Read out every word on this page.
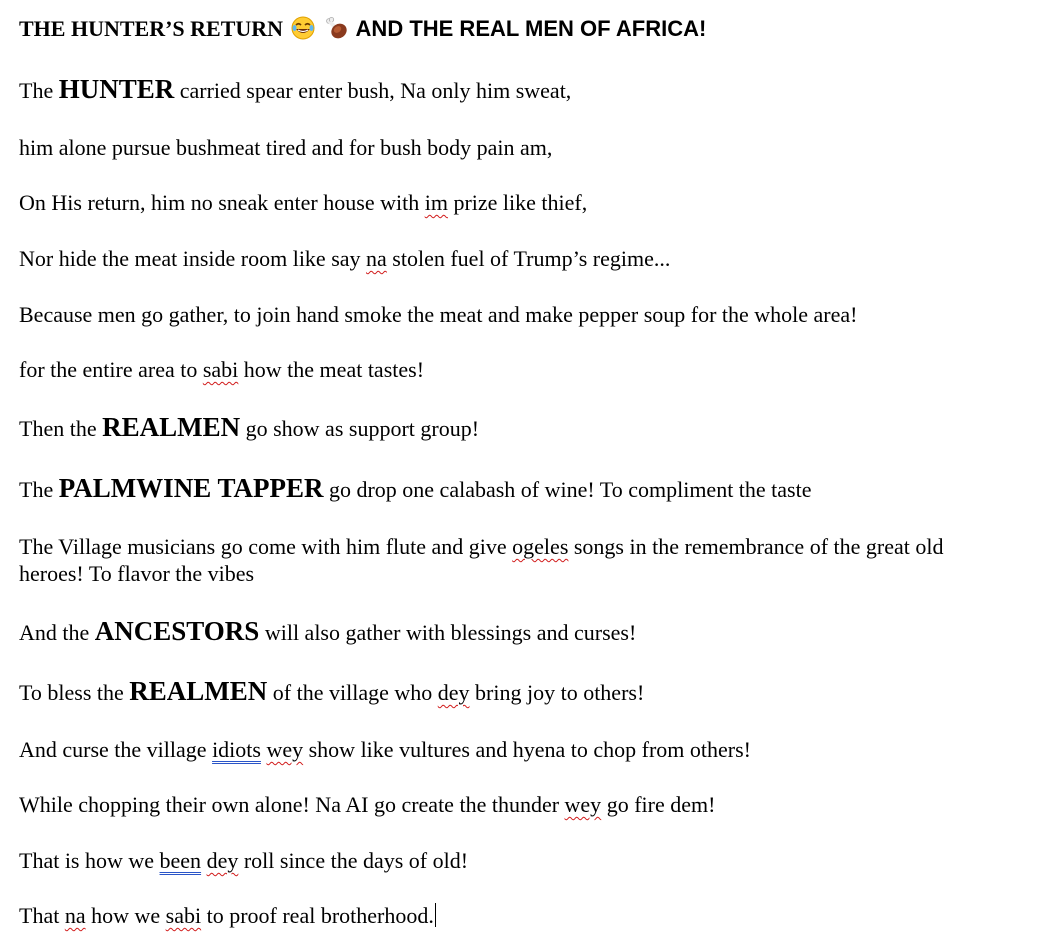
THE HUNTER’S RETURN	AND THE REAL MEN OF AFRICA!
The HUNTER carried spear enter bush, Na only him sweat,
him alone pursue bushmeat tired and for bush body pain am,
On His return, him no sneak enter house with im prize like thief,
Nor hide the meat inside room like say na stolen fuel of Trump’s regime...
Because men go gather, to join hand smoke the meat and make pepper soup for the whole area!
for the entire area to sabi how the meat tastes!
Then the REALMEN go show as support group!
The PALMWINE TAPPER go drop one calabash of wine! To compliment the taste
The Village musicians go come with him flute and give ogeles songs in the remembrance of the great old heroes! To flavor the vibes
And the ANCESTORS will also gather with blessings and curses!
To bless the REALMEN of the village who dey bring joy to others!
And curse the village idiots wey show like vultures and hyena to chop from others!
While chopping their own alone! Na AI go create the thunder wey go fire dem!
That is how we been dey roll since the days of old!
That na how we sabi to proof real brotherhood.
